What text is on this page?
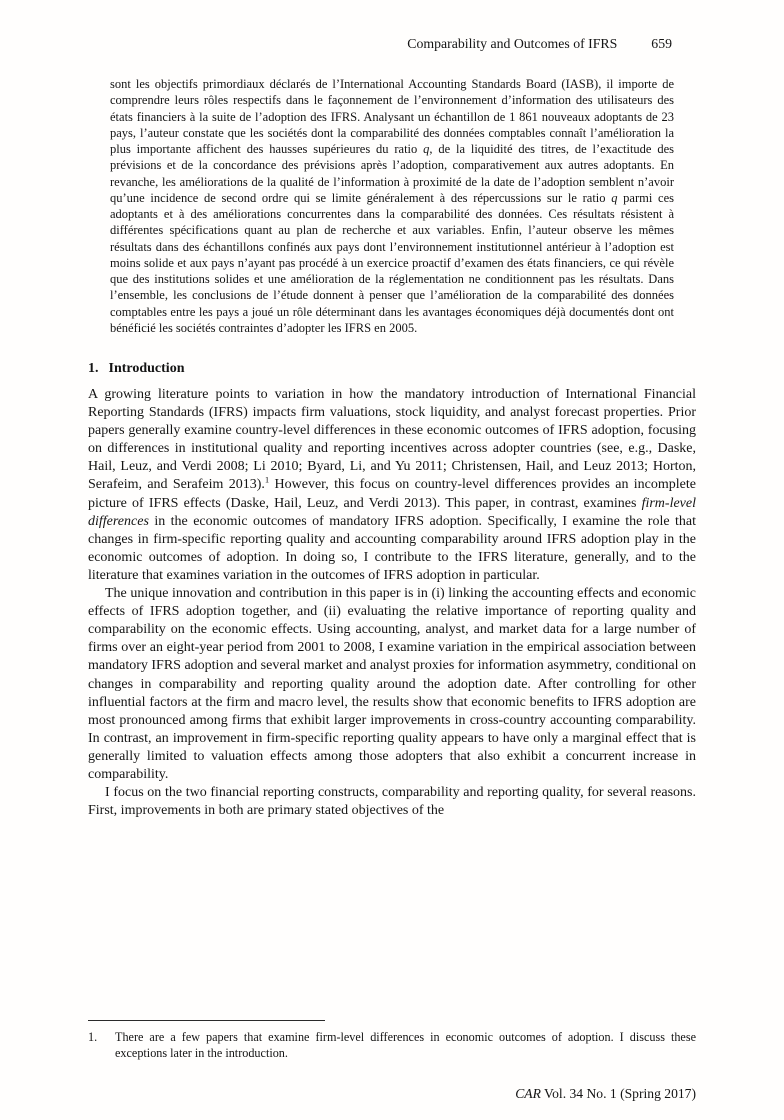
Comparability and Outcomes of IFRS 659

sont les objectifs primordiaux déclarés de l’International Accounting Standards Board (IASB), il importe de comprendre leurs rôles respectifs dans le façonnement de l’environnement d’information des utilisateurs des états financiers à la suite de l’adoption des IFRS. Analysant un échantillon de 1 861 nouveaux adoptants de 23 pays, l’auteur constate que les sociétés dont la comparabilité des données comptables connaît l’amélioration la plus importante affichent des hausses supérieures du ratio q, de la liquidité des titres, de l’exactitude des prévisions et de la concordance des prévisions après l’adoption, comparativement aux autres adoptants. En revanche, les améliorations de la qualité de l’information à proximité de la date de l’adoption semblent n’avoir qu’une incidence de second ordre qui se limite généralement à des répercussions sur le ratio q parmi ces adoptants et à des améliorations concurrentes dans la comparabilité des données. Ces résultats résistent à différentes spécifications quant au plan de recherche et aux variables. Enfin, l’auteur observe les mêmes résultats dans des échantillons confinés aux pays dont l’environnement institutionnel antérieur à l’adoption est moins solide et aux pays n’ayant pas procédé à un exercice proactif d’examen des états financiers, ce qui révèle que des institutions solides et une amélioration de la réglementation ne conditionnent pas les résultats. Dans l’ensemble, les conclusions de l’étude donnent à penser que l’amélioration de la comparabilité des données comptables entre les pays a joué un rôle déterminant dans les avantages économiques déjà documentés dont ont bénéficié les sociétés contraintes d’adopter les IFRS en 2005.

1. Introduction

A growing literature points to variation in how the mandatory introduction of International Financial Reporting Standards (IFRS) impacts firm valuations, stock liquidity, and analyst forecast properties. Prior papers generally examine country-level differences in these economic outcomes of IFRS adoption, focusing on differences in institutional quality and reporting incentives across adopter countries (see, e.g., Daske, Hail, Leuz, and Verdi 2008; Li 2010; Byard, Li, and Yu 2011; Christensen, Hail, and Leuz 2013; Horton, Serafeim, and Serafeim 2013).$^1$ However, this focus on country-level differences provides an incomplete picture of IFRS effects (Daske, Hail, Leuz, and Verdi 2013). This paper, in contrast, examines firm-level differences in the economic outcomes of mandatory IFRS adoption. Specifically, I examine the role that changes in firm-specific reporting quality and accounting comparability around IFRS adoption play in the economic outcomes of adoption. In doing so, I contribute to the IFRS literature, generally, and to the literature that examines variation in the outcomes of IFRS adoption in particular.

The unique innovation and contribution in this paper is in (i) linking the accounting effects and economic effects of IFRS adoption together, and (ii) evaluating the relative importance of reporting quality and comparability on the economic effects. Using accounting, analyst, and market data for a large number of firms over an eight-year period from 2001 to 2008, I examine variation in the empirical association between mandatory IFRS adoption and several market and analyst proxies for information asymmetry, conditional on changes in comparability and reporting quality around the adoption date. After controlling for other influential factors at the firm and macro level, the results show that economic benefits to IFRS adoption are most pronounced among firms that exhibit larger improvements in cross-country accounting comparability. In contrast, an improvement in firm-specific reporting quality appears to have only a marginal effect that is generally limited to valuation effects among those adopters that also exhibit a concurrent increase in comparability.

I focus on the two financial reporting constructs, comparability and reporting quality, for several reasons. First, improvements in both are primary stated objectives of the

1.	There are a few papers that examine firm-level differences in economic outcomes of adoption. I discuss these exceptions later in the introduction.
CAR Vol. 34 No. 1 (Spring 2017)
